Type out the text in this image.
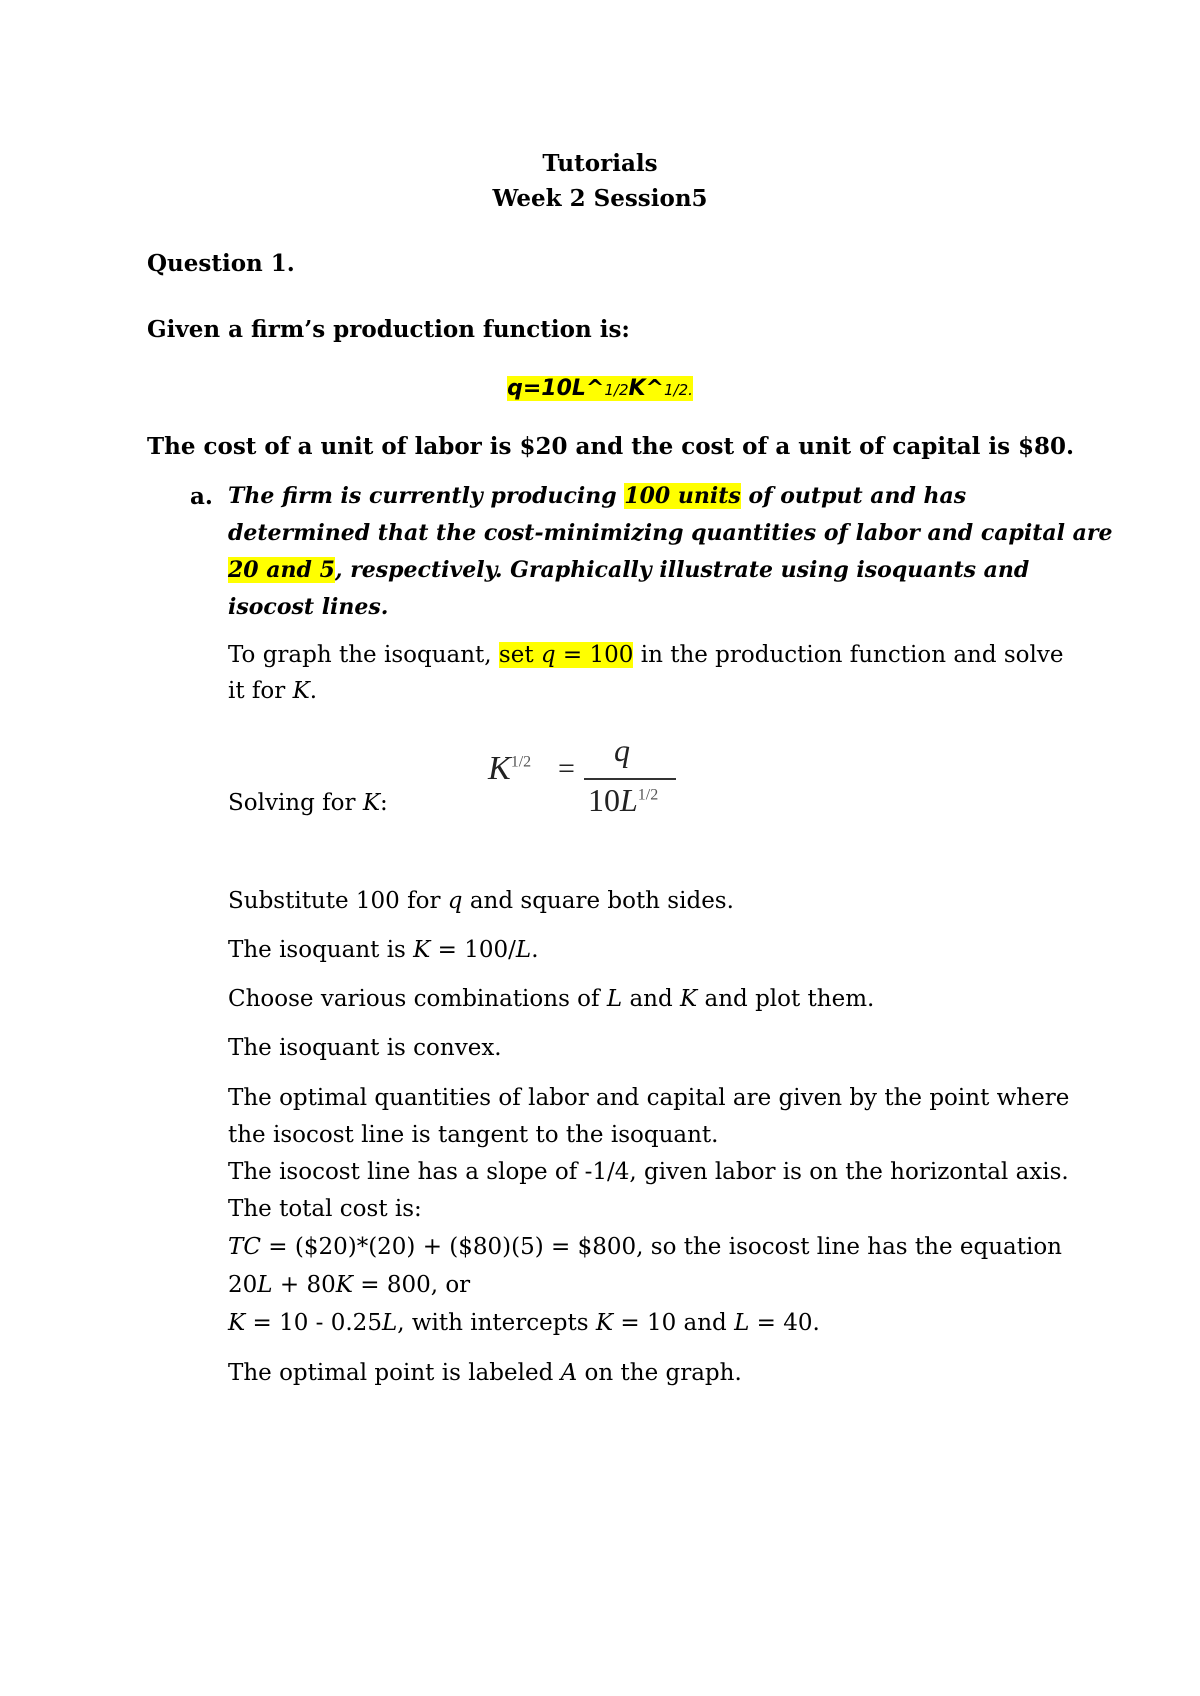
Tutorials
Week 2 Session5
Question 1.
Given a firm’s production function is:
q=10L^1/2K^1/2.
The cost of a unit of labor is $20 and the cost of a unit of capital is $80.
a. The firm is currently producing 100 units of output and has
determined that the cost-minimizing quantities of labor and capital are
20 and 5, respectively. Graphically illustrate using isoquants and
isocost lines.
To graph the isoquant, set q = 100 in the production function and solve
it for K.
$K^{1/2}$ =
q
$10L^{1/2}$
Solving for K:
Substitute 100 for q and square both sides.
The isoquant is K = 100/L.
Choose various combinations of L and K and plot them.
The isoquant is convex.
The optimal quantities of labor and capital are given by the point where
the isocost line is tangent to the isoquant.
The isocost line has a slope of -1/4, given labor is on the horizontal axis.
The total cost is:
TC = ($20)*(20) + ($80)(5) = $800, so the isocost line has the equation
20L + 80K = 800, or
K = 10 - 0.25L, with intercepts K = 10 and L = 40.
The optimal point is labeled A on the graph.
